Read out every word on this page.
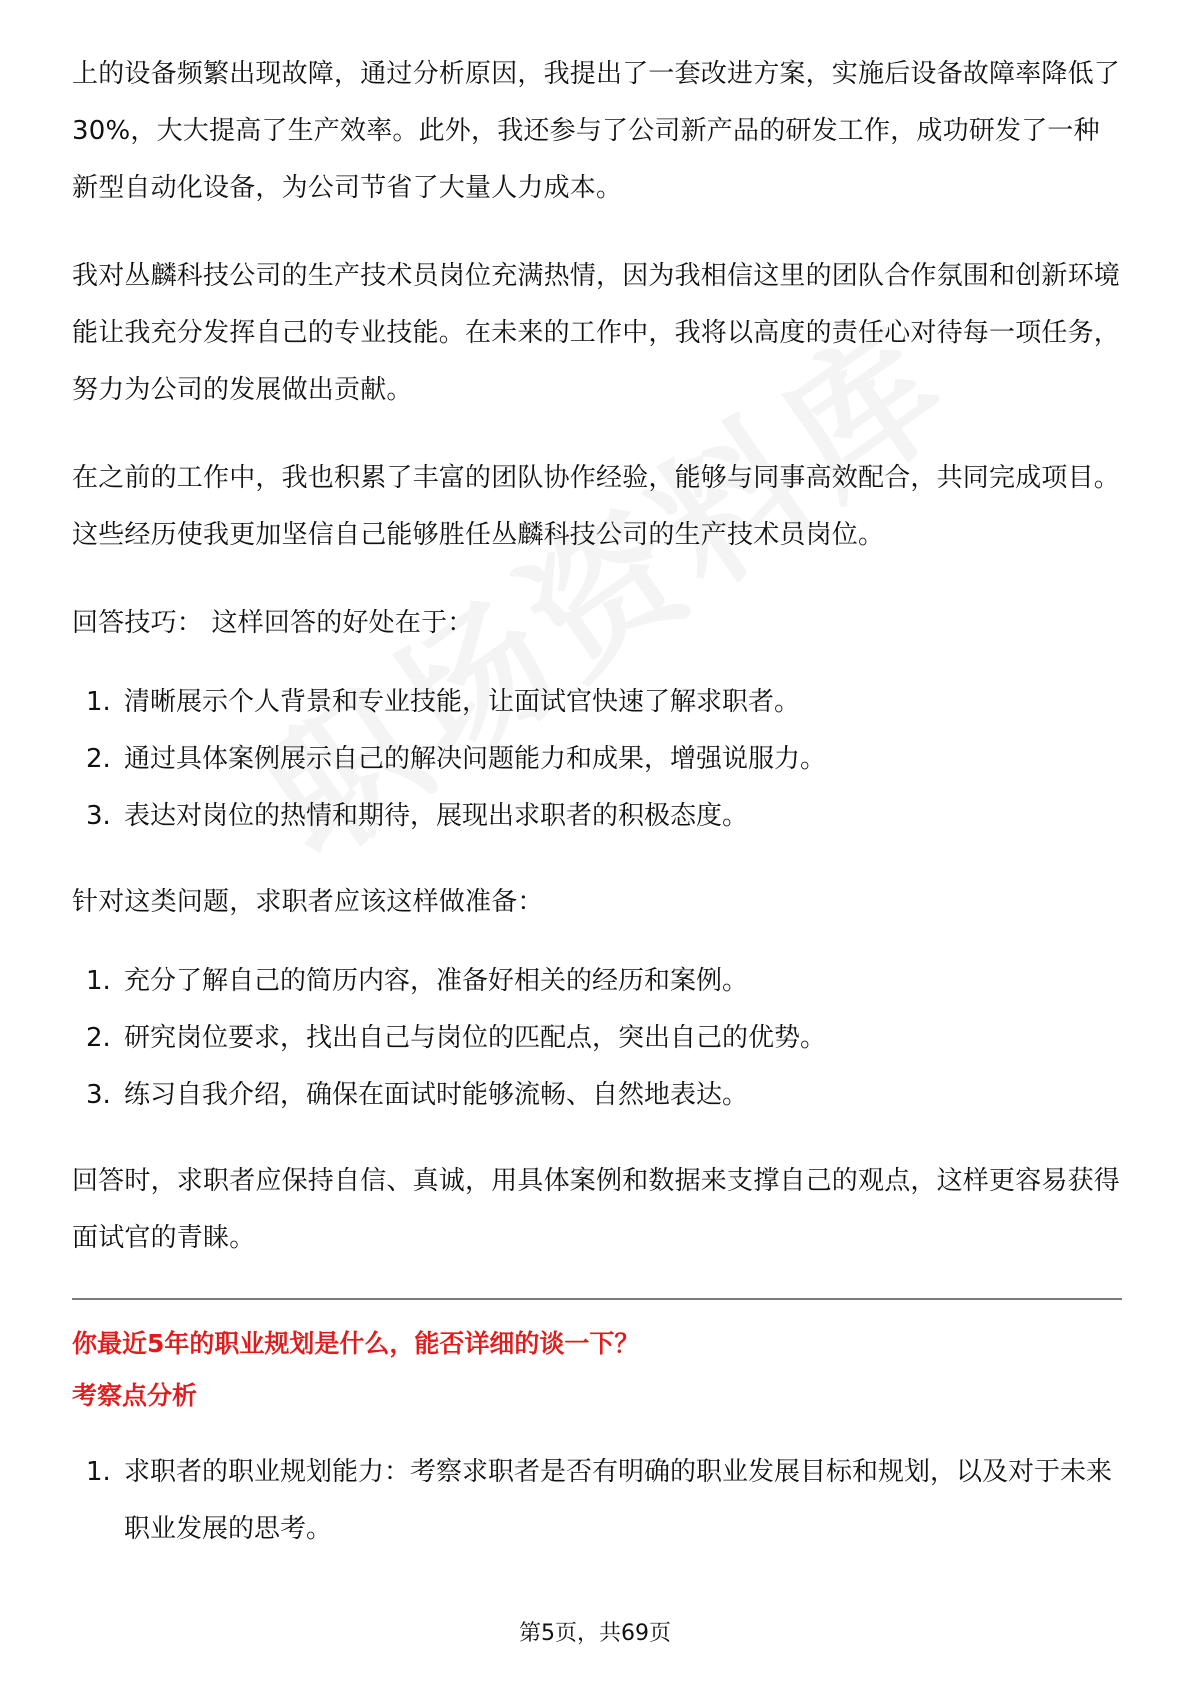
上的设备频繁出现故障，通过分析原因，我提出了一套改进方案，实施后设备故障率降低了30%，大大提高了生产效率。此外，我还参与了公司新产品的研发工作，成功研发了一种新型自动化设备，为公司节省了大量人力成本。

我对丛麟科技公司的生产技术员岗位充满热情，因为我相信这里的团队合作氛围和创新环境能让我充分发挥自己的专业技能。在未来的工作中，我将以高度的责任心对待每一项任务，努力为公司的发展做出贡献。

在之前的工作中，我也积累了丰富的团队协作经验，能够与同事高效配合，共同完成项目。这些经历使我更加坚信自己能够胜任丛麟科技公司的生产技术员岗位。

回答技巧： 这样回答的好处在于：

1. 清晰展示个人背景和专业技能，让面试官快速了解求职者。
2. 通过具体案例展示自己的解决问题能力和成果，增强说服力。
3. 表达对岗位的热情和期待，展现出求职者的积极态度。

针对这类问题，求职者应该这样做准备：

1. 充分了解自己的简历内容，准备好相关的经历和案例。
2. 研究岗位要求，找出自己与岗位的匹配点，突出自己的优势。
3. 练习自我介绍，确保在面试时能够流畅、自然地表达。

回答时，求职者应保持自信、真诚，用具体案例和数据来支撑自己的观点，这样更容易获得面试官的青睐。

你最近5年的职业规划是什么，能否详细的谈一下？

考察点分析

1. 求职者的职业规划能力：考察求职者是否有明确的职业发展目标和规划，以及对于未来职业发展的思考。
第5页，共69页
